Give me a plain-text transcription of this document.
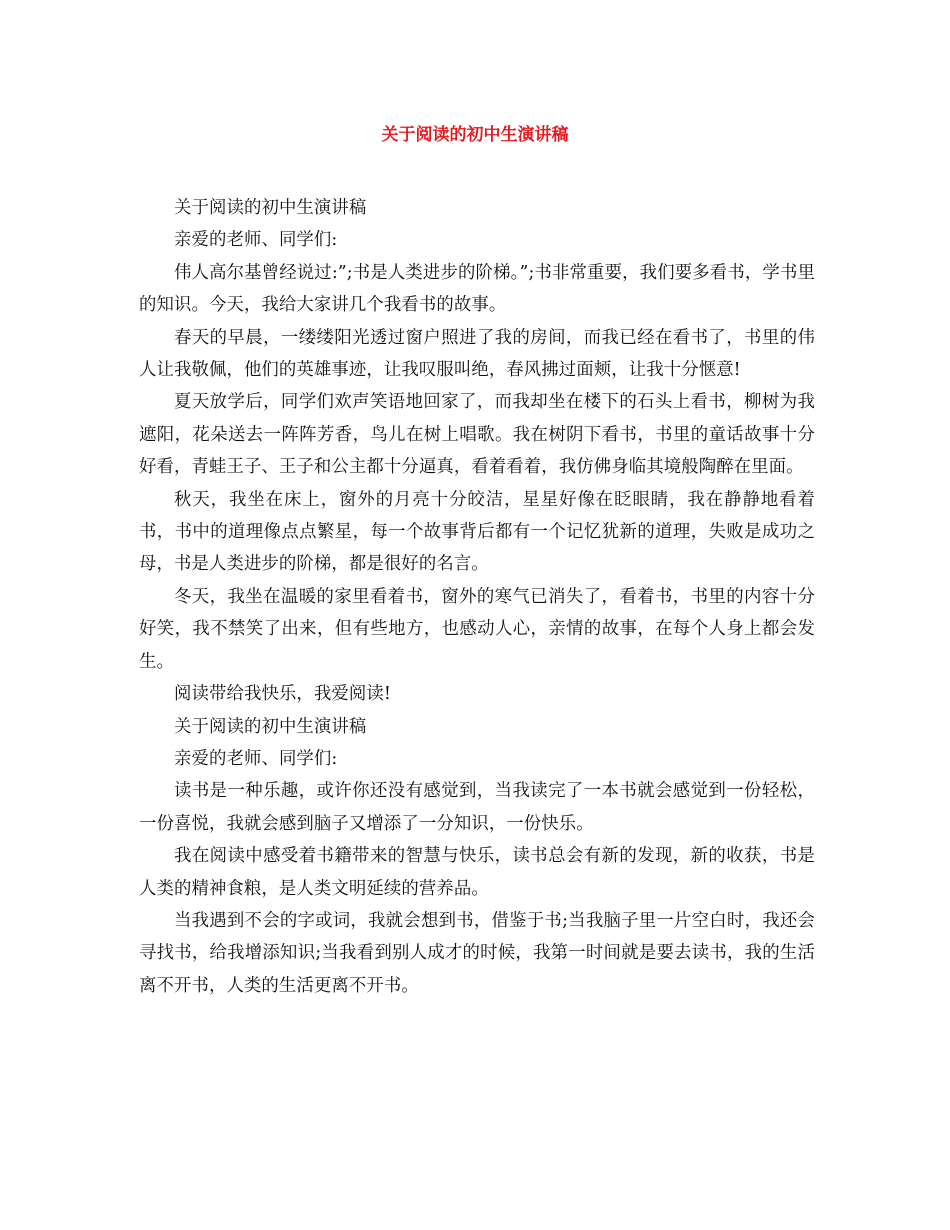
关于阅读的初中生演讲稿

关于阅读的初中生演讲稿

亲爱的老师、同学们:

伟人高尔基曾经说过:”;书是人类进步的阶梯。”;书非常重要，我们要多看书，学书里的知识。今天，我给大家讲几个我看书的故事。

春天的早晨，一缕缕阳光透过窗户照进了我的房间，而我已经在看书了，书里的伟人让我敬佩，他们的英雄事迹，让我叹服叫绝，春风拂过面颊，让我十分惬意!

夏天放学后，同学们欢声笑语地回家了，而我却坐在楼下的石头上看书，柳树为我遮阳，花朵送去一阵阵芳香，鸟儿在树上唱歌。我在树阴下看书，书里的童话故事十分好看，青蛙王子、王子和公主都十分逼真，看着看着，我仿佛身临其境般陶醉在里面。

秋天，我坐在床上，窗外的月亮十分皎洁，星星好像在眨眼睛，我在静静地看着书，书中的道理像点点繁星，每一个故事背后都有一个记忆犹新的道理，失败是成功之母，书是人类进步的阶梯，都是很好的名言。

冬天，我坐在温暖的家里看着书，窗外的寒气已消失了，看着书，书里的内容十分好笑，我不禁笑了出来，但有些地方，也感动人心，亲情的故事，在每个人身上都会发生。

阅读带给我快乐，我爱阅读!

关于阅读的初中生演讲稿

亲爱的老师、同学们:

读书是一种乐趣，或许你还没有感觉到，当我读完了一本书就会感觉到一份轻松，一份喜悦，我就会感到脑子又增添了一分知识，一份快乐。

我在阅读中感受着书籍带来的智慧与快乐，读书总会有新的发现，新的收获，书是人类的精神食粮，是人类文明延续的营养品。

当我遇到不会的字或词，我就会想到书，借鉴于书;当我脑子里一片空白时，我还会寻找书，给我增添知识;当我看到别人成才的时候，我第一时间就是要去读书，我的生活离不开书，人类的生活更离不开书。
